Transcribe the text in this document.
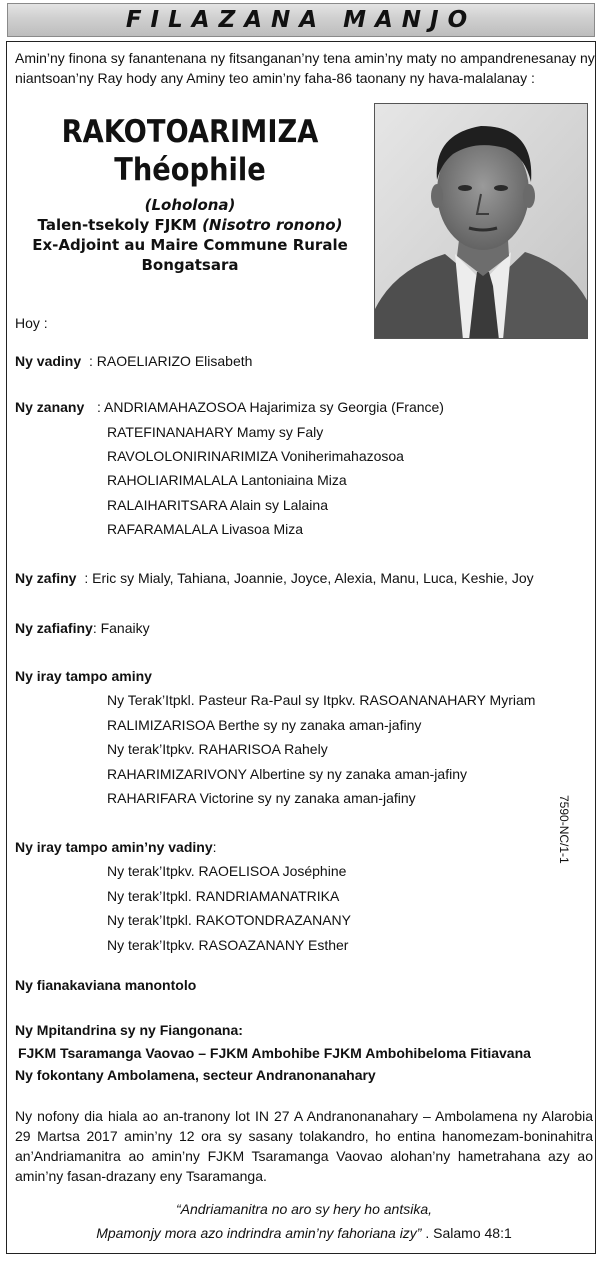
FILAZANA MANJO
Amin’ny finona sy fanantenana ny fitsanganan’ny tena amin’ny maty no ampandrenesanay ny niantsoan’ny Ray hody any Aminy teo amin’ny faha-86 taonany ny hava-malalanay :
RAKOTOARIMIZA
Théophile
(Loholona)
Talen-tsekoly FJKM (Nisotro ronono)
Ex-Adjoint au Maire Commune Rurale
Bongatsara
Hoy :
Ny vadiny : RAOELIARIZO Elisabeth
Ny zanany : ANDRIAMAHAZOSOA Hajarimiza sy Georgia (France)
RATEFINANAHARY Mamy sy Faly
RAVOLOLONIRINARIMIZA Voniherimahazosoa
RAHOLIARIMALALA Lantoniaina Miza
RALAIHARITSARA Alain sy Lalaina
RAFARAMALALA Livasoa Miza
Ny zafiny : Eric sy Mialy, Tahiana, Joannie, Joyce, Alexia, Manu, Luca, Keshie, Joy
Ny zafiafiny: Fanaiky
Ny iray tampo aminy
Ny Terak’Itpkl. Pasteur Ra-Paul sy Itpkv. RASOANANAHARY Myriam
RALIMIZARISOA Berthe sy ny zanaka aman-jafiny
Ny terak’Itpkv. RAHARISOA Rahely
RAHARIMIZARIVONY Albertine sy ny zanaka aman-jafiny
RAHARIFARA Victorine sy ny zanaka aman-jafiny
Ny iray tampo amin’ny vadiny:
Ny terak’Itpkv. RAOELISOA Joséphine
Ny terak’Itpkl. RANDRIAMANATRIKA
Ny terak’Itpkl. RAKOTONDRAZANANY
Ny terak’Itpkv. RASOAZANANY Esther
7590-NC/1-1
Ny fianakaviana manontolo
Ny Mpitandrina sy ny Fiangonana:
FJKM Tsaramanga Vaovao – FJKM Ambohibe FJKM Ambohibeloma Fitiavana
Ny fokontany Ambolamena, secteur Andranonanahary
Ny nofony dia hiala ao an-tranony lot IN 27 A Andranonanahary – Ambolamena ny Alarobia 29 Martsa 2017 amin’ny 12 ora sy sasany tolakandro, ho entina hanomezam-boninahitra an’Andriamanitra ao amin’ny FJKM Tsaramanga Vaovao alohan’ny hametrahana azy ao amin’ny fasan-drazany eny Tsaramanga.
“Andriamanitra no aro sy hery ho antsika,
Mpamonjy mora azo indrindra amin’ny fahoriana izy” . Salamo 48:1
